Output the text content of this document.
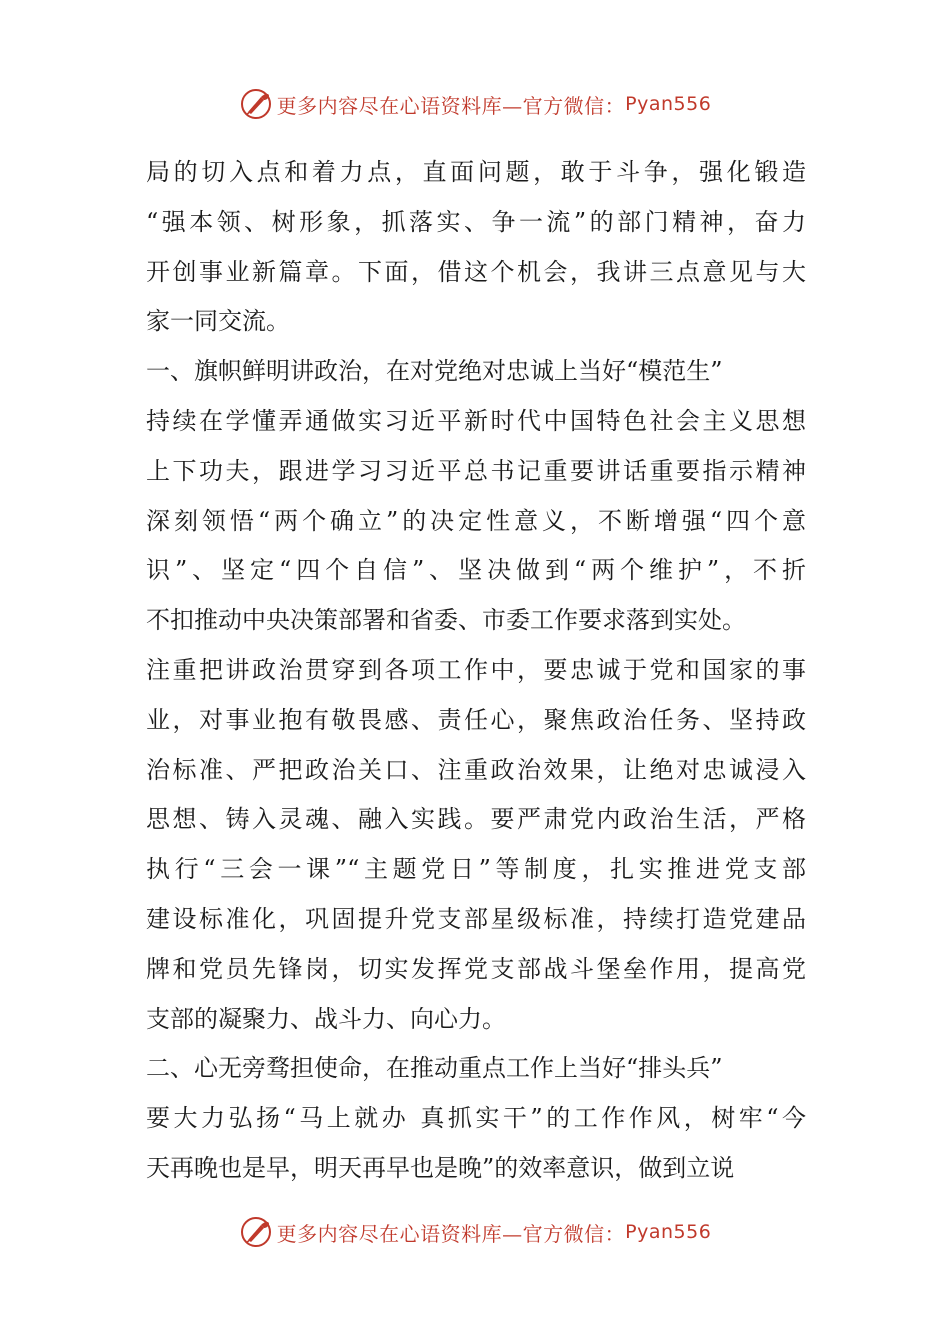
更多内容尽在心语资料库—官方微信： Pyan556
局的切入点和着力点，直面问题，敢于斗争，强化锻造
“强本领、树形象，抓落实、争一流”的部门精神，奋力
开创事业新篇章。下面，借这个机会，我讲三点意见与大
家一同交流。
一、旗帜鲜明讲政治，在对党绝对忠诚上当好“模范生”
持续在学懂弄通做实习近平新时代中国特色社会主义思想
上下功夫，跟进学习习近平总书记重要讲话重要指示精神
深刻领悟“两个确立”的决定性意义，不断增强“四个意
识”、坚定“四个自信”、坚决做到“两个维护”，不折
不扣推动中央决策部署和省委、市委工作要求落到实处。
注重把讲政治贯穿到各项工作中，要忠诚于党和国家的事
业，对事业抱有敬畏感、责任心，聚焦政治任务、坚持政
治标准、严把政治关口、注重政治效果，让绝对忠诚浸入
思想、铸入灵魂、融入实践。要严肃党内政治生活，严格
执行“三会一课”“主题党日”等制度，扎实推进党支部
建设标准化，巩固提升党支部星级标准，持续打造党建品
牌和党员先锋岗，切实发挥党支部战斗堡垒作用，提高党
支部的凝聚力、战斗力、向心力。
二、心无旁骛担使命，在推动重点工作上当好“排头兵”
要大力弘扬“马上就办 真抓实干”的工作作风，树牢“今
天再晚也是早，明天再早也是晚”的效率意识，做到立说
更多内容尽在心语资料库—官方微信： Pyan556
